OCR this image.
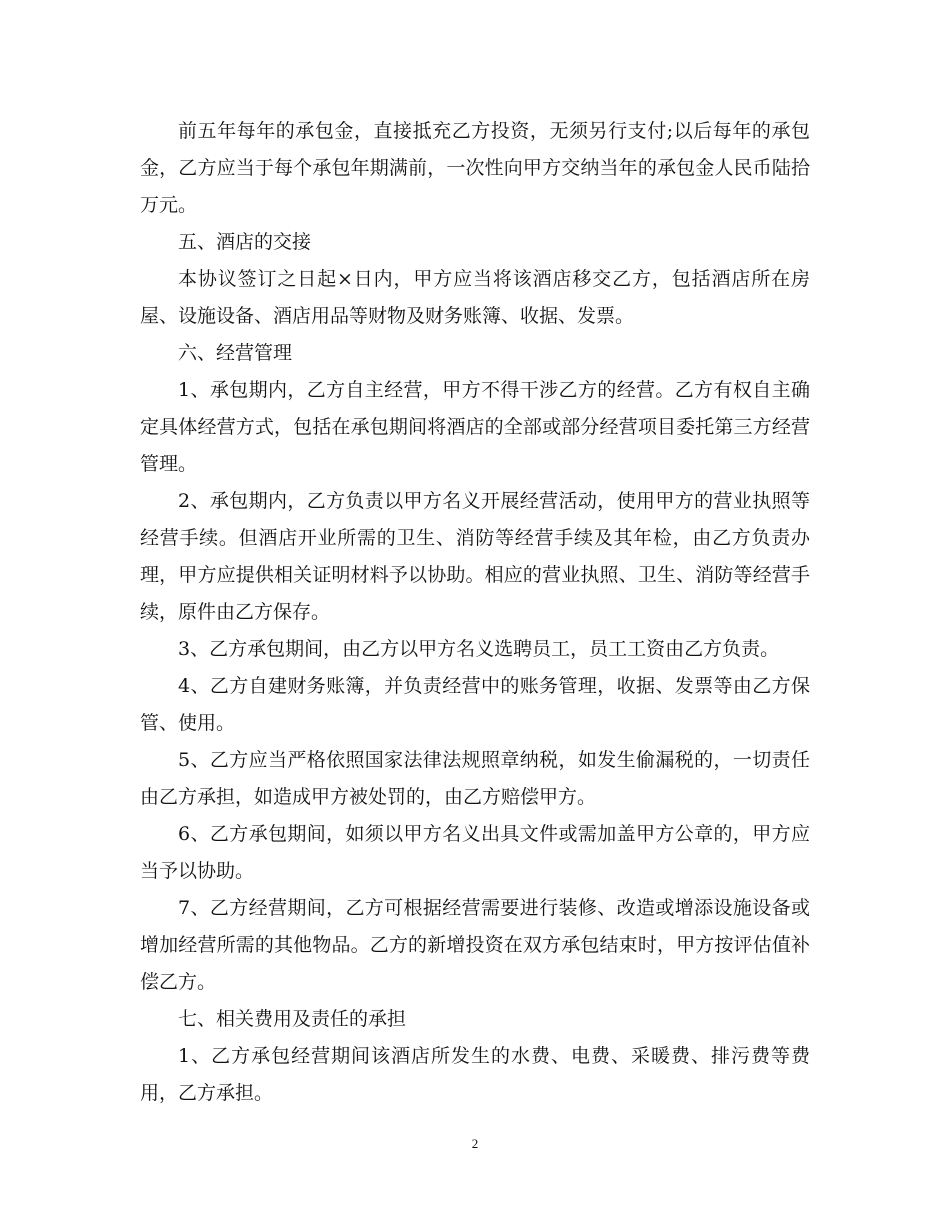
前五年每年的承包金，直接抵充乙方投资，无须另行支付;以后每年的承包金，乙方应当于每个承包年期满前，一次性向甲方交纳当年的承包金人民币陆拾万元。

五、酒店的交接

本协议签订之日起×日内，甲方应当将该酒店移交乙方，包括酒店所在房屋、设施设备、酒店用品等财物及财务账簿、收据、发票。

六、经营管理

1、承包期内，乙方自主经营，甲方不得干涉乙方的经营。乙方有权自主确定具体经营方式，包括在承包期间将酒店的全部或部分经营项目委托第三方经营管理。

2、承包期内，乙方负责以甲方名义开展经营活动，使用甲方的营业执照等经营手续。但酒店开业所需的卫生、消防等经营手续及其年检，由乙方负责办理，甲方应提供相关证明材料予以协助。相应的营业执照、卫生、消防等经营手续，原件由乙方保存。

3、乙方承包期间，由乙方以甲方名义选聘员工，员工工资由乙方负责。

4、乙方自建财务账簿，并负责经营中的账务管理，收据、发票等由乙方保管、使用。

5、乙方应当严格依照国家法律法规照章纳税，如发生偷漏税的，一切责任由乙方承担，如造成甲方被处罚的，由乙方赔偿甲方。

6、乙方承包期间，如须以甲方名义出具文件或需加盖甲方公章的，甲方应当予以协助。

7、乙方经营期间，乙方可根据经营需要进行装修、改造或增添设施设备或增加经营所需的其他物品。乙方的新增投资在双方承包结束时，甲方按评估值补偿乙方。

七、相关费用及责任的承担

1、乙方承包经营期间该酒店所发生的水费、电费、采暖费、排污费等费用，乙方承担。

2
